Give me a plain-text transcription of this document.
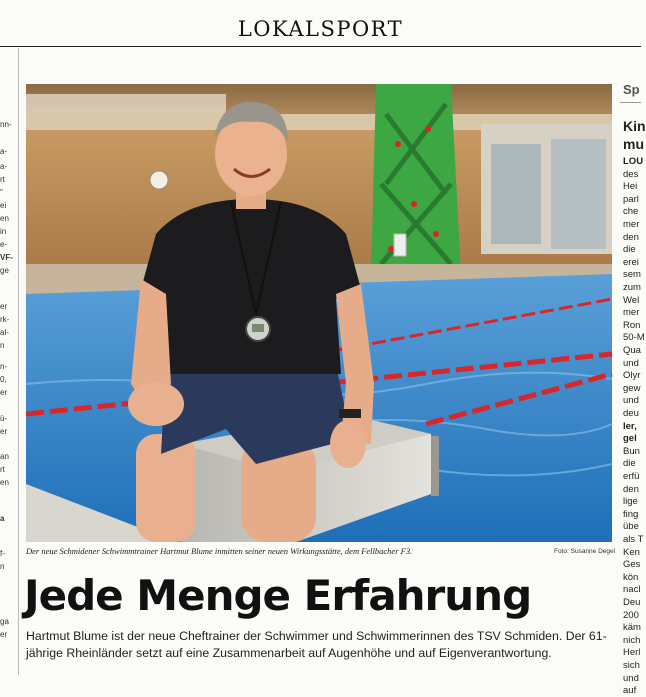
LOKALSPORT
nn-
a-
a-
rt
"
ei
en
in
e-
VF-
ge
er
rk-
al-
n
n-
0,
er
ü-
er
an
rt
en
a
f-
n
ga
er
Sp
Kin
mu
LOU
des
Hei
parl
che
mer
den
die
erei
sem
zum
Wel
mer
Ron
50-M
Qua
und
Olyr
gew
und
deu
ler,
gel
Bun
die
erfü
den
lige
fing
übe
als T
Ken
Ges
kön
nacl
Deu
200
käm
nich
Herl
sich
und
auf
Der neue Schmidener Schwimmtrainer Hartmut Blume inmitten seiner neuen Wirkungsstätte, dem Fellbacher F3.	Foto: Susanne Degel
Jede Menge Erfahrung
Hartmut Blume ist der neue Cheftrainer der Schwimmer und Schwimmerinnen des TSV Schmiden. Der 61-jährige Rheinländer setzt auf eine Zusammenarbeit auf Augenhöhe und auf Eigenverantwortung.
